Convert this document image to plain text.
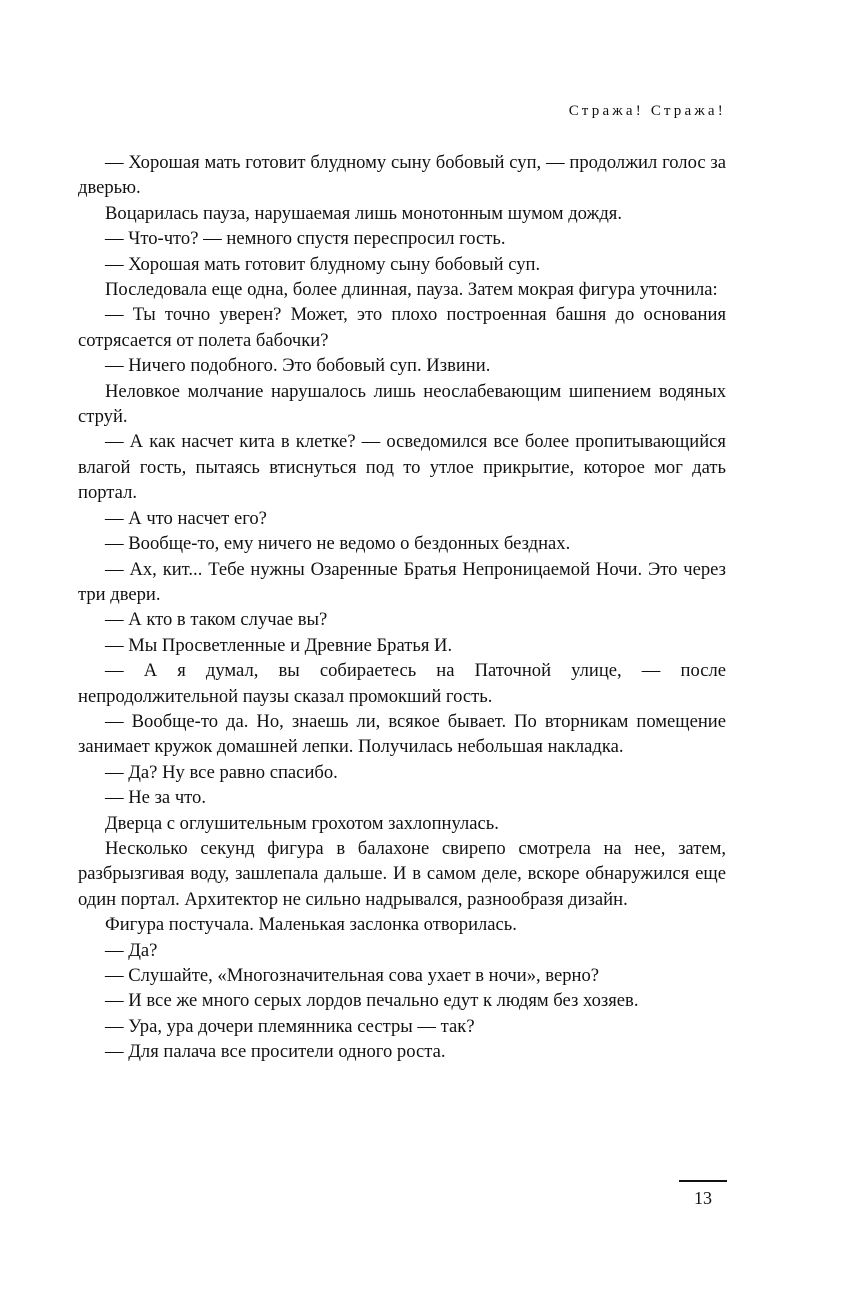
Стража! Стража!

— Хорошая мать готовит блудному сыну бобовый суп, — продолжил голос за дверью.

Воцарилась пауза, нарушаемая лишь монотонным шумом дождя.

— Что-что? — немного спустя переспросил гость.

— Хорошая мать готовит блудному сыну бобовый суп.

Последовала еще одна, более длинная, пауза. Затем мокрая фигура уточнила:

— Ты точно уверен? Может, это плохо построенная башня до основания сотрясается от полета бабочки?

— Ничего подобного. Это бобовый суп. Извини.

Неловкое молчание нарушалось лишь неослабевающим шипением водяных струй.

— А как насчет кита в клетке? — осведомился все более пропитывающийся влагой гость, пытаясь втиснуться под то утлое прикрытие, которое мог дать портал.

— А что насчет его?

— Вообще-то, ему ничего не ведомо о бездонных безднах.

— Ах, кит... Тебе нужны Озаренные Братья Непроницаемой Ночи. Это через три двери.

— А кто в таком случае вы?

— Мы Просветленные и Древние Братья И.

— А я думал, вы собираетесь на Паточной улице, — после непродолжительной паузы сказал промокший гость.

— Вообще-то да. Но, знаешь ли, всякое бывает. По вторникам помещение занимает кружок домашней лепки. Получилась небольшая накладка.

— Да? Ну все равно спасибо.

— Не за что.

Дверца с оглушительным грохотом захлопнулась.

Несколько секунд фигура в балахоне свирепо смотрела на нее, затем, разбрызгивая воду, зашлепала дальше. И в самом деле, вскоре обнаружился еще один портал. Архитектор не сильно надрывался, разнообразя дизайн.

Фигура постучала. Маленькая заслонка отворилась.

— Да?

— Слушайте, «Многозначительная сова ухает в ночи», верно?

— И все же много серых лордов печально едут к людям без хозяев.

— Ура, ура дочери племянника сестры — так?

— Для палача все просители одного роста.

13
